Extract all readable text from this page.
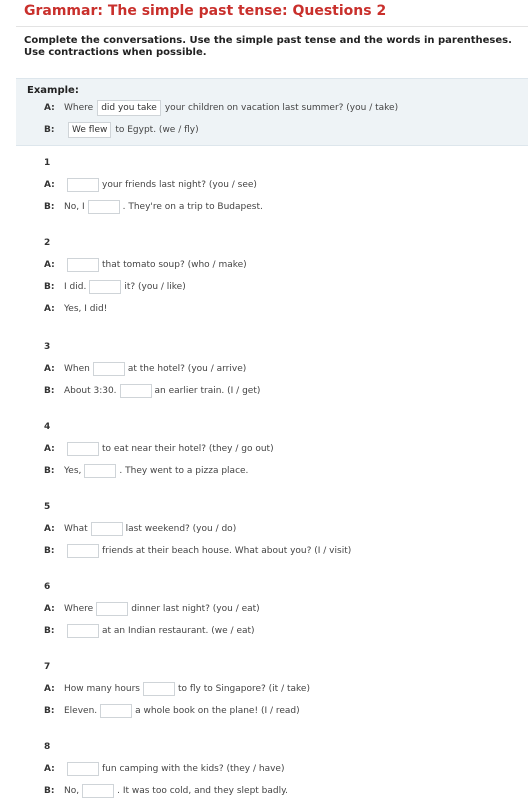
Grammar: The simple past tense: Questions 2

Complete the conversations. Use the simple past tense and the words in parentheses. Use contractions when possible.

Example:
A:	Where did you take your children on vacation last summer? (you / take)
B:	We flew to Egypt. (we / fly)
1
A:	your friends last night? (you / see)
B:	No, I	. They're on a trip to Budapest.
2
A:	that tomato soup? (who / make)
B:	I did.	it? (you / like)
A:	Yes, I did!
3
A:	When	at the hotel? (you / arrive)
B:	About 3:30.	an earlier train. (I / get)
4
A:	to eat near their hotel? (they / go out)
B:	Yes,	. They went to a pizza place.
5
A:	What	last weekend? (you / do)
B:	friends at their beach house. What about you? (I / visit)
6
A:	Where	dinner last night? (you / eat)
B:	at an Indian restaurant. (we / eat)
7
A:	How many hours	to fly to Singapore? (it / take)
B:	Eleven.	a whole book on the plane! (I / read)
8
A:	fun camping with the kids? (they / have)
B:	No,	. It was too cold, and they slept badly.
